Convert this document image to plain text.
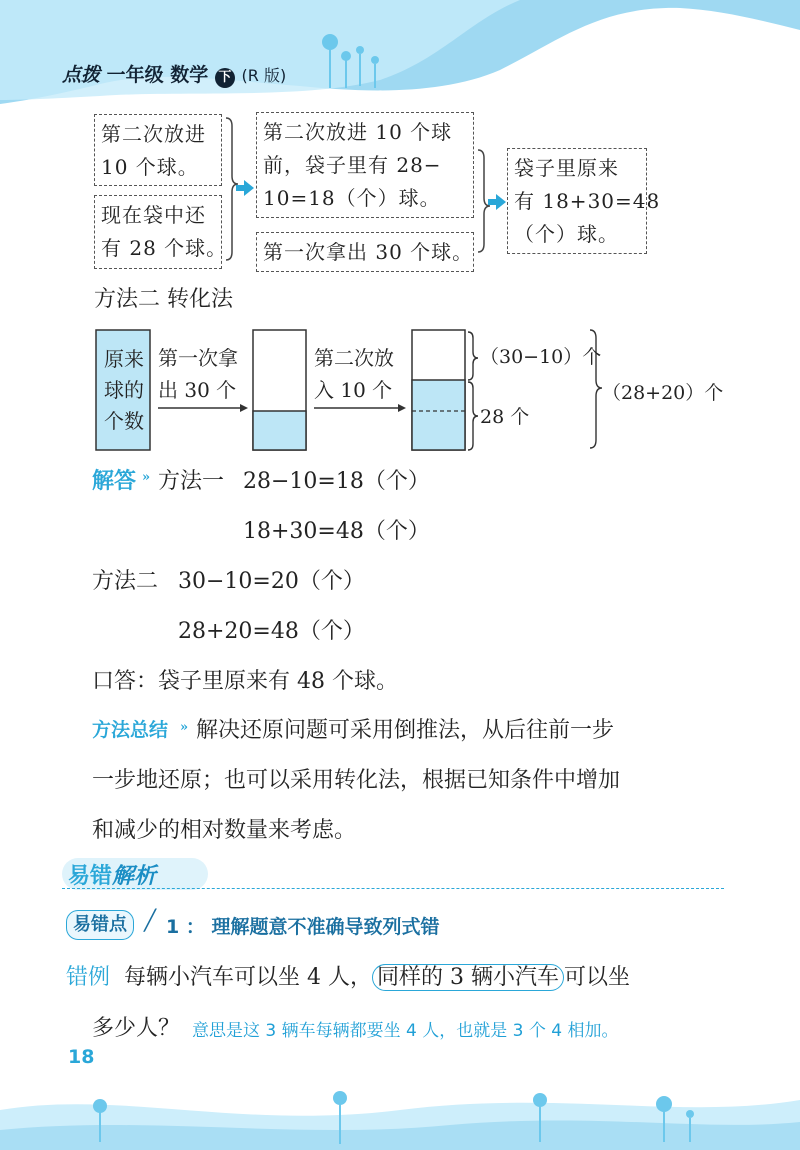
点拨 一年级 数学 下 (R 版)
第二次放进
10 个球。
现在袋中还
有 28 个球。
第二次放进 10 个球
前，袋子里有 28−
10=18（个）球。
第一次拿出 30 个球。
袋子里原来
有 18+30=48
（个）球。
方法二 转化法
原来
球的
个数
第一次拿
出 30 个
第二次放
入 10 个
（30−10）个
28 个
（28+20）个
解答 » 方法一 28−10=18（个）
18+30=48（个）
方法二 30−10=20（个）
28+20=48（个）
口答：袋子里原来有 48 个球。
方法总结 » 解决还原问题可采用倒推法，从后往前一步
一步地还原；也可以采用转化法，根据已知条件中增加
和减少的相对数量来考虑。
易错解析
易错点 ╱ 1 ： 理解题意不准确导致列式错
错例 每辆小汽车可以坐 4 人， 同样的 3 辆小汽车 可以坐
多少人？ 意思是这 3 辆车每辆都要坐 4 人，也就是 3 个 4 相加。
18
